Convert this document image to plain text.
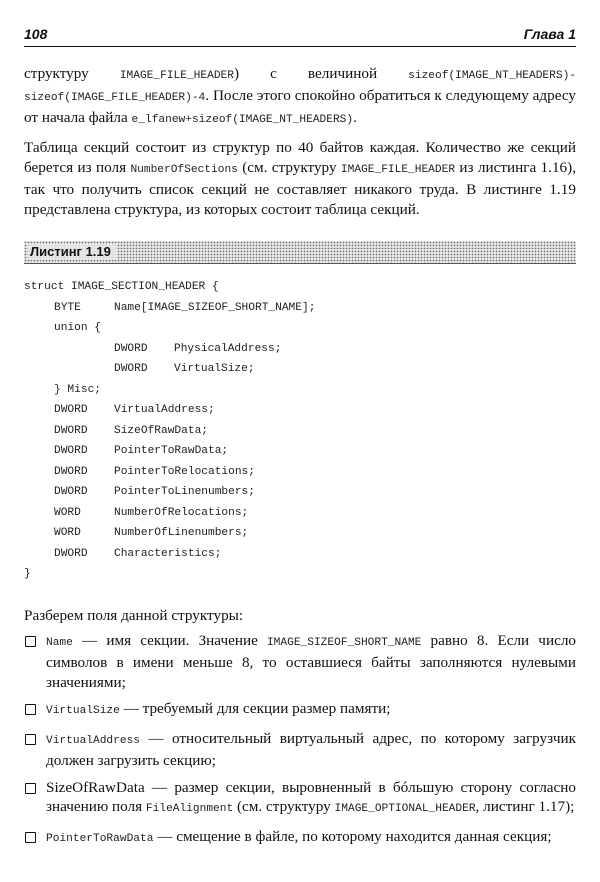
108	Глава 1

структуру IMAGE_FILE_HEADER) с величиной sizeof(IMAGE_NT_HEADERS)-sizeof(IMAGE_FILE_HEADER)-4. После этого спокойно обратиться к следующему адресу от начала файла e_lfanew+sizeof(IMAGE_NT_HEADERS).

Таблица секций состоит из структур по 40 байтов каждая. Количество же секций берется из поля NumberOfSections (см. структуру IMAGE_FILE_HEADER из листинга 1.16), так что получить список секций не составляет никакого труда. В листинге 1.19 представлена структура, из которых состоит таблица секций.

Листинг 1.19
struct IMAGE_SECTION_HEADER {
BYTE	Name[IMAGE_SIZEOF_SHORT_NAME];
union {
DWORD PhysicalAddress;
DWORD VirtualSize;
} Misc;
DWORD VirtualAddress;
DWORD SizeOfRawData;
DWORD PointerToRawData;
DWORD PointerToRelocations;
DWORD PointerToLinenumbers;
WORD	NumberOfRelocations;
WORD	NumberOfLinenumbers;
DWORD Characteristics;
}

Разберем поля данной структуры:

Name — имя секции. Значение IMAGE_SIZEOF_SHORT_NAME равно 8. Если число символов в имени меньше 8, то оставшиеся байты заполняются нулевыми значениями;
VirtualSize — требуемый для секции размер памяти;
VirtualAddress — относительный виртуальный адрес, по которому загрузчик должен загрузить секцию;
SizeOfRawData — размер секции, выровненный в бóльшую сторону согласно значению поля FileAlignment (см. структуру IMAGE_OPTIONAL_HEADER, листинг 1.17);
PointerToRawData — смещение в файле, по которому находится данная секция;
